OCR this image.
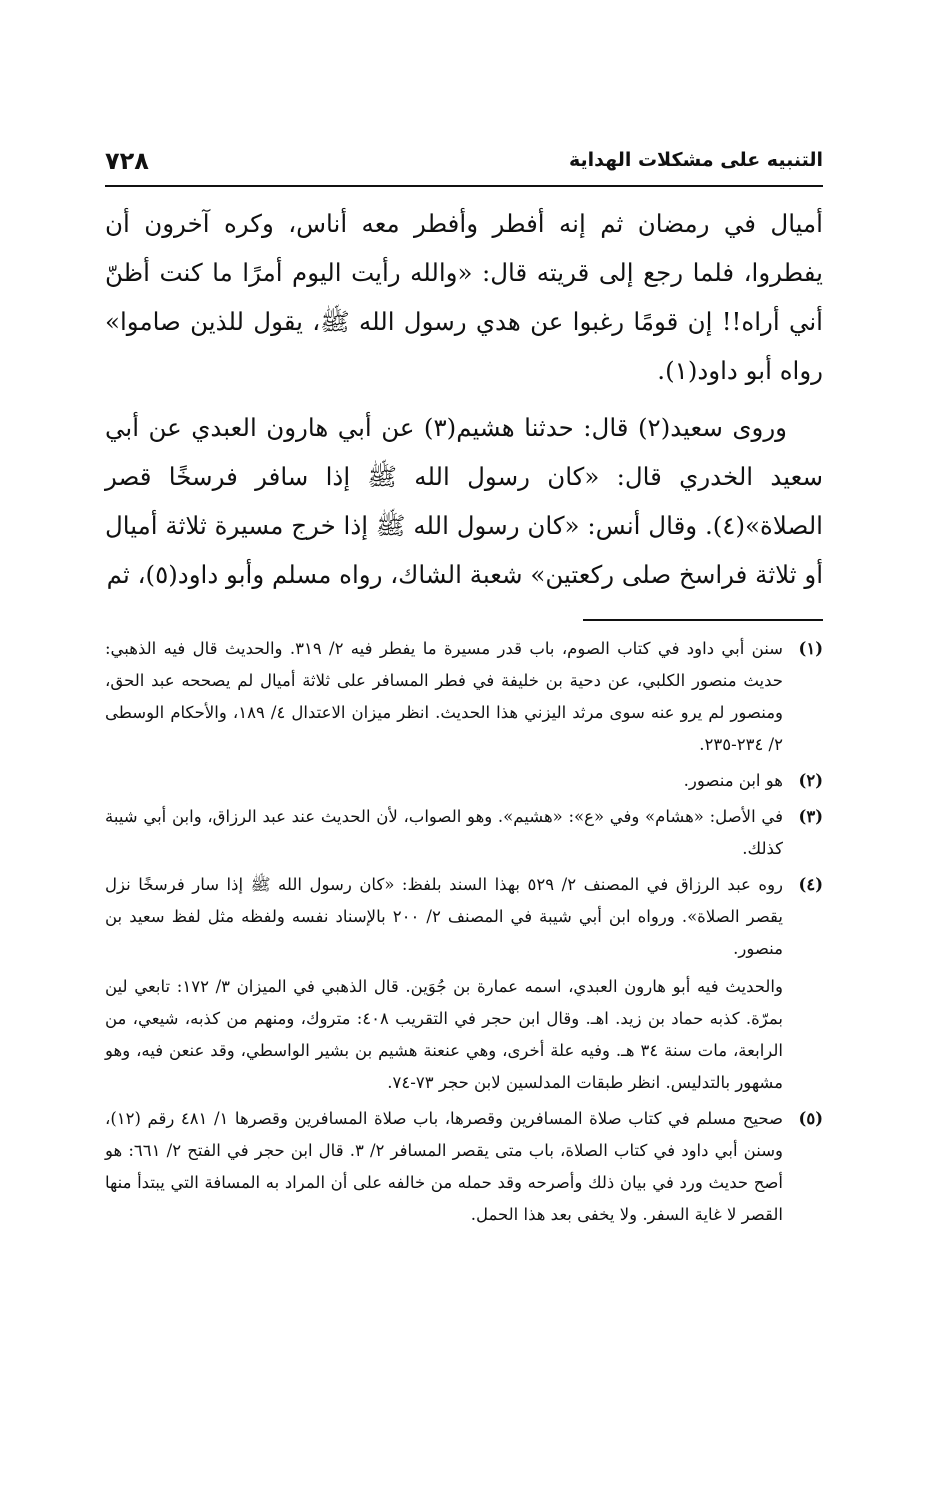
التنبيه على مشكلات الهداية
٧٢٨

أميال في رمضان ثم إنه أفطر وأفطر معه أناس، وكره آخرون أن يفطروا، فلما رجع إلى قريته قال: «والله رأيت اليوم أمرًا ما كنت أظنّ أني أراه!! إن قومًا رغبوا عن هدي رسول الله ﷺ، يقول للذين صاموا» رواه أبو داود(١).

وروى سعيد(٢) قال: حدثنا هشيم(٣) عن أبي هارون العبدي عن أبي سعيد الخدري قال: «كان رسول الله ﷺ إذا سافر فرسخًا قصر الصلاة»(٤). وقال أنس: «كان رسول الله ﷺ إذا خرج مسيرة ثلاثة أميال أو ثلاثة فراسخ صلى ركعتين» شعبة الشاك، رواه مسلم وأبو داود(٥)، ثم

(١)

سنن أبي داود في كتاب الصوم، باب قدر مسيرة ما يفطر فيه ٢/ ٣١٩. والحديث قال فيه الذهبي: حديث منصور الكلبي، عن دحية بن خليفة في فطر المسافر على ثلاثة أميال لم يصححه عبد الحق، ومنصور لم يرو عنه سوى مرثد اليزني هذا الحديث. انظر ميزان الاعتدال ٤/ ١٨٩، والأحكام الوسطى ٢/ ٢٣٤-٢٣٥.

(٢)

هو ابن منصور.

(٣)

في الأصل: «هشام» وفي «ع»: «هشيم». وهو الصواب، لأن الحديث عند عبد الرزاق، وابن أبي شيبة كذلك.

(٤)

روه عبد الرزاق في المصنف ٢/ ٥٢٩ بهذا السند بلفظ: «كان رسول الله ﷺ إذا سار فرسخًا نزل يقصر الصلاة». ورواه ابن أبي شيبة في المصنف ٢/ ٢٠٠ بالإسناد نفسه ولفظه مثل لفظ سعيد بن منصور.

والحديث فيه أبو هارون العبدي، اسمه عمارة بن جُوَين. قال الذهبي في الميزان ٣/ ١٧٢: تابعي لين بمرّة. كذبه حماد بن زيد. اهـ. وقال ابن حجر في التقريب ٤٠٨: متروك، ومنهم من كذبه، شيعي، من الرابعة، مات سنة ٣٤ هـ. وفيه علة أخرى، وهي عنعنة هشيم بن بشير الواسطي، وقد عنعن فيه، وهو مشهور بالتدليس. انظر طبقات المدلسين لابن حجر ٧٣-٧٤.

(٥)

صحيح مسلم في كتاب صلاة المسافرين وقصرها، باب صلاة المسافرين وقصرها ١/ ٤٨١ رقم (١٢)، وسنن أبي داود في كتاب الصلاة، باب متى يقصر المسافر ٢/ ٣. قال ابن حجر في الفتح ٢/ ٦٦١: هو أصح حديث ورد في بيان ذلك وأصرحه وقد حمله من خالفه على أن المراد به المسافة التي يبتدأ منها القصر لا غاية السفر. ولا يخفى بعد هذا الحمل.
